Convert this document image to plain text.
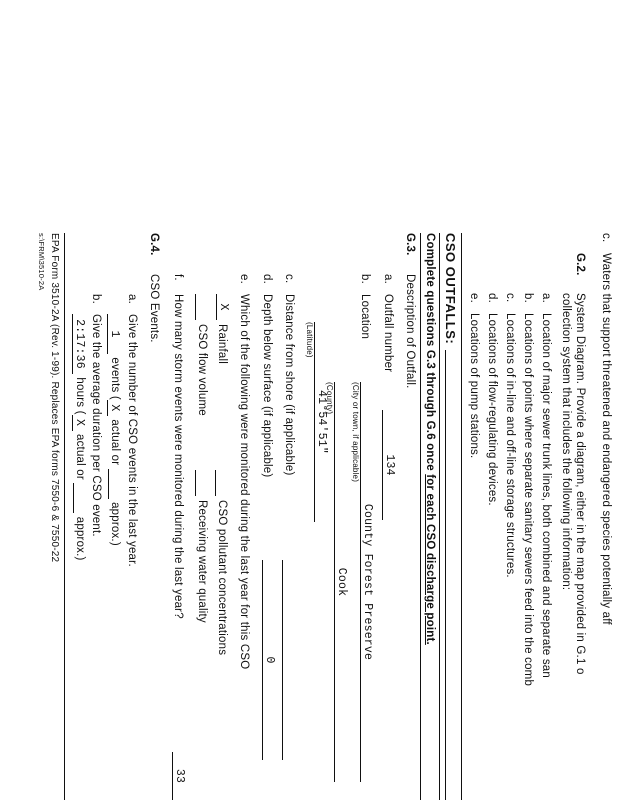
c.
Waters that support threatened and endangered species potentially aff
G.2.
System Diagram. Provide a diagram, either in the map provided in G.1 o
collection system that includes the following information:
a.
Location of major sewer trunk lines, both combined and separate san
b.
Locations of points where separate sanitary sewers feed into the comb
c.
Locations of in-line and off-line storage structures.
d.
Locations of flow-regulating devices.
e.
Locations of pump stations.
CSO OUTFALLS:
Complete questions G.3 through G.6 once for each CSO discharge point.
G.3.
Description of Outfall.
a.
Outfall number
134
b.
Location
County Forest Preserve
(City or town, if applicable)
Cook
(County)
41°54'51"
(Latitude)
c.
Distance from shore (if applicable)
d.
Depth below surface (if applicable)
0
e.
Which of the following were monitored during the last year for this CSO
X
Rainfall
CSO pollutant concentrations
CSO flow volume
Receiving water quality
f.
How many storm events were monitored during the last year?
33
G.4.
CSO Events.
a.
Give the number of CSO events in the last year.
1 events (X actual or   approx.)
b.
Give the average duration per CSO event.
2:17:36 hours (X actual or   approx.)
EPA Form 3510-2A (Rev. 1-99). Replaces EPA forms 7550-6 & 7550-22
s:\FRM\3510-2A
